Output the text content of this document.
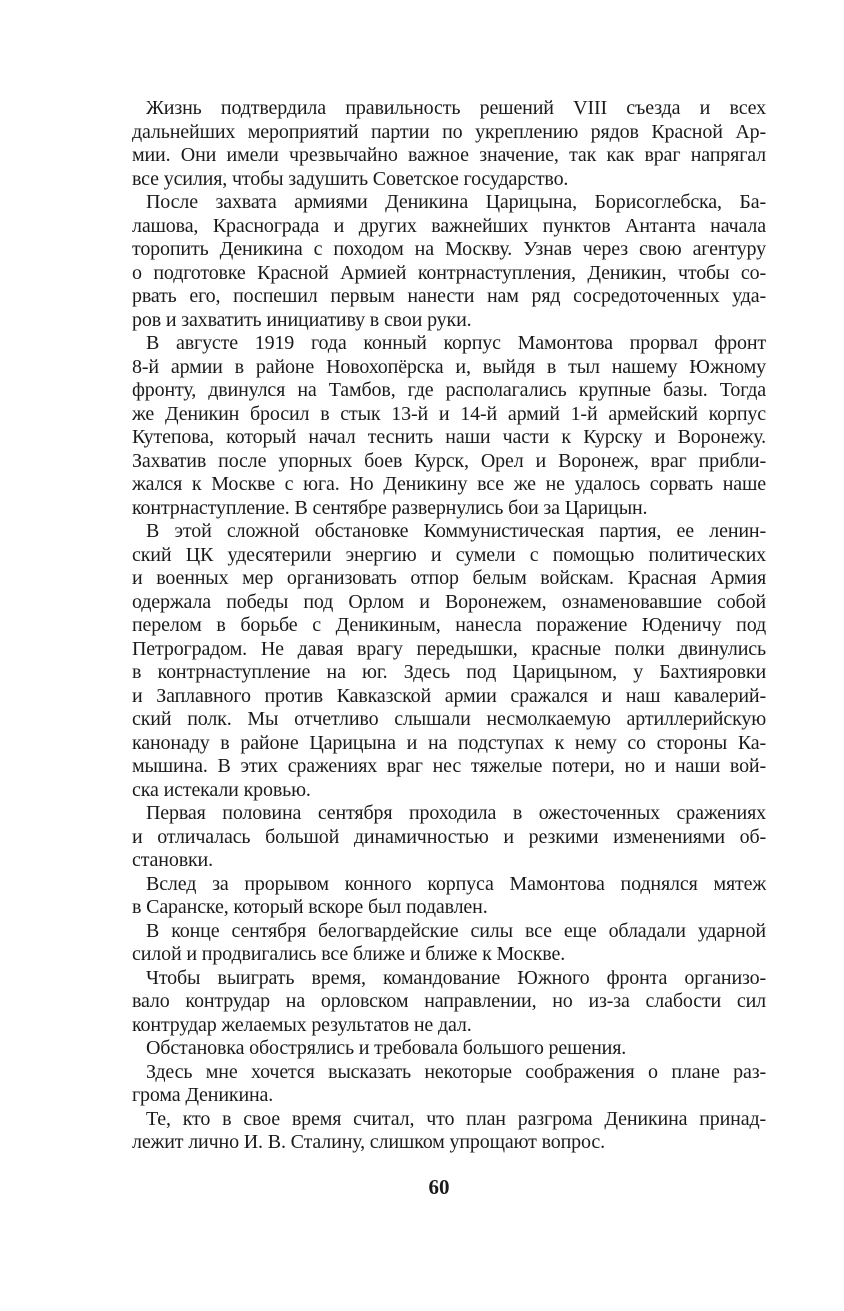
Жизнь подтвердила правильность решений VIII съезда и всех
дальнейших мероприятий партии по укреплению рядов Красной Ар-
мии. Они имели чрезвычайно важное значение, так как враг напрягал
все усилия, чтобы задушить Советское государство.
После захвата армиями Деникина Царицына, Борисоглебска, Ба-
лашова, Краснограда и других важнейших пунктов Антанта начала
торопить Деникина с походом на Москву. Узнав через свою агентуру
о подготовке Красной Армией контрнаступления, Деникин, чтобы со-
рвать его, поспешил первым нанести нам ряд сосредоточенных уда-
ров и захватить инициативу в свои руки.
В августе 1919 года конный корпус Мамонтова прорвал фронт
8-й армии в районе Новохопёрска и, выйдя в тыл нашему Южному
фронту, двинулся на Тамбов, где располагались крупные базы. Тогда
же Деникин бросил в стык 13-й и 14-й армий 1-й армейский корпус
Кутепова, который начал теснить наши части к Курску и Воронежу.
Захватив после упорных боев Курск, Орел и Воронеж, враг прибли-
жался к Москве с юга. Но Деникину все же не удалось сорвать наше
контрнаступление. В сентябре развернулись бои за Царицын.
В этой сложной обстановке Коммунистическая партия, ее ленин-
ский ЦК удесятерили энергию и сумели с помощью политических
и военных мер организовать отпор белым войскам. Красная Армия
одержала победы под Орлом и Воронежем, ознаменовавшие собой
перелом в борьбе с Деникиным, нанесла поражение Юденичу под
Петроградом. Не давая врагу передышки, красные полки двинулись
в контрнаступление на юг. Здесь под Царицыном, у Бахтияровки
и Заплавного против Кавказской армии сражался и наш кавалерий-
ский полк. Мы отчетливо слышали несмолкаемую артиллерийскую
канонаду в районе Царицына и на подступах к нему со стороны Ка-
мышина. В этих сражениях враг нес тяжелые потери, но и наши вой-
ска истекали кровью.
Первая половина сентября проходила в ожесточенных сражениях
и отличалась большой динамичностью и резкими изменениями об-
становки.
Вслед за прорывом конного корпуса Мамонтова поднялся мятеж
в Саранске, который вскоре был подавлен.
В конце сентября белогвардейские силы все еще обладали ударной
силой и продвигались все ближе и ближе к Москве.
Чтобы выиграть время, командование Южного фронта организо-
вало контрудар на орловском направлении, но из-за слабости сил
контрудар желаемых результатов не дал.
Обстановка обострялись и требовала большого решения.
Здесь мне хочется высказать некоторые соображения о плане раз-
грома Деникина.
Те, кто в свое время считал, что план разгрома Деникина принад-
лежит лично И. В. Сталину, слишком упрощают вопрос.
60
